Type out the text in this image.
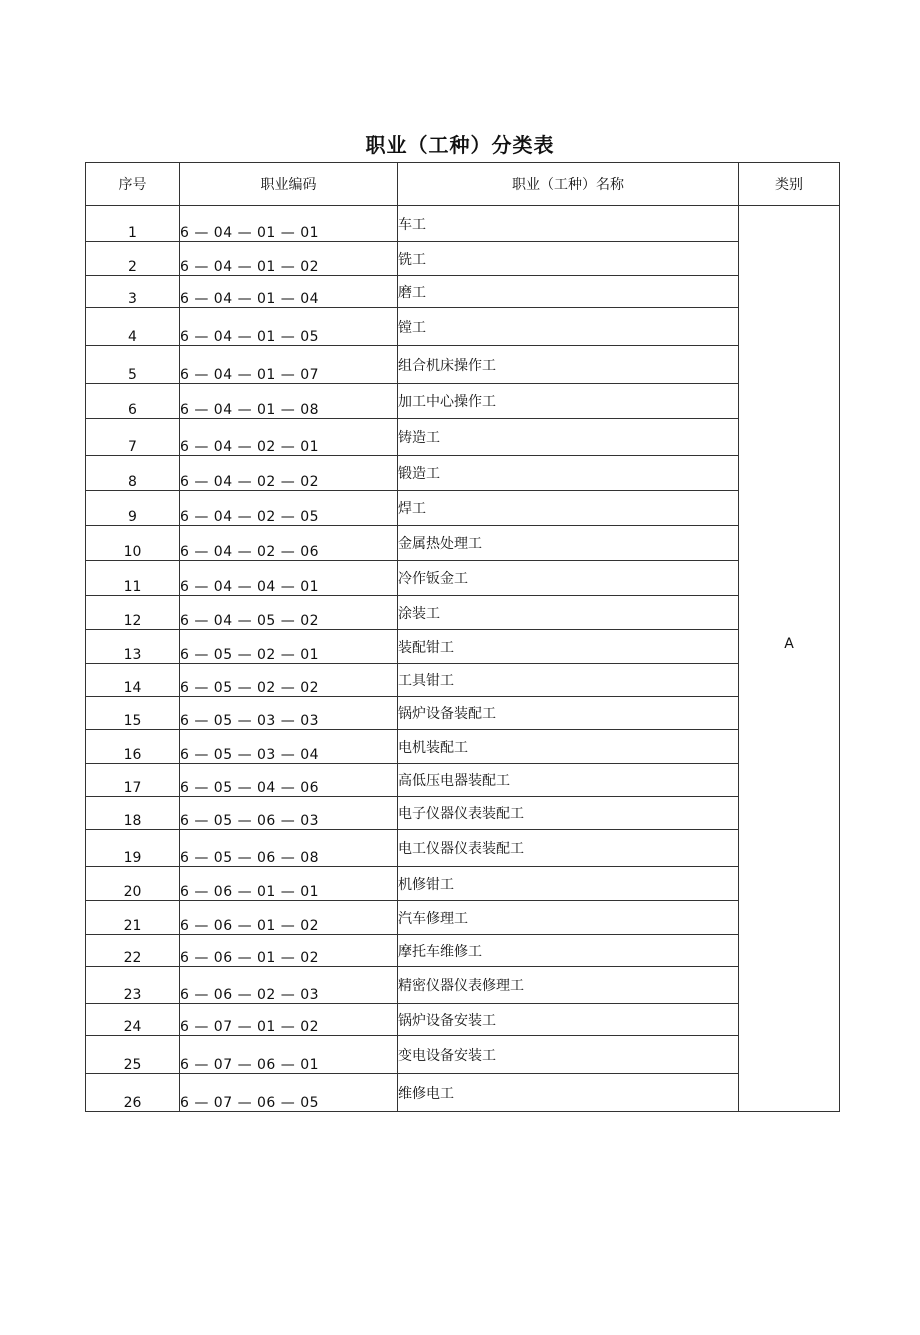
职业（工种）分类表
序号	职业编码	职业（工种）名称	类别
1	6 — 04 — 01 — 01	车工	A
2	6 — 04 — 01 — 02	铣工	
3	6 — 04 — 01 — 04	磨工	
4	6 — 04 — 01 — 05	镗工	
5	6 — 04 — 01 — 07	组合机床操作工	
6	6 — 04 — 01 — 08	加工中心操作工	
7	6 — 04 — 02 — 01	铸造工	
8	6 — 04 — 02 — 02	锻造工	
9	6 — 04 — 02 — 05	焊工	
10	6 — 04 — 02 — 06	金属热处理工	
11	6 — 04 — 04 — 01	冷作钣金工	
12	6 — 04 — 05 — 02	涂装工	
13	6 — 05 — 02 — 01	装配钳工	
14	6 — 05 — 02 — 02	工具钳工	
15	6 — 05 — 03 — 03	锅炉设备装配工	
16	6 — 05 — 03 — 04	电机装配工	
17	6 — 05 — 04 — 06	高低压电器装配工	
18	6 — 05 — 06 — 03	电子仪器仪表装配工	
19	6 — 05 — 06 — 08	电工仪器仪表装配工	
20	6 — 06 — 01 — 01	机修钳工	
21	6 — 06 — 01 — 02	汽车修理工	
22	6 — 06 — 01 — 02	摩托车维修工	
23	6 — 06 — 02 — 03	精密仪器仪表修理工	
24	6 — 07 — 01 — 02	锅炉设备安装工	
25	6 — 07 — 06 — 01	变电设备安装工	
26	6 — 07 — 06 — 05	维修电工	
